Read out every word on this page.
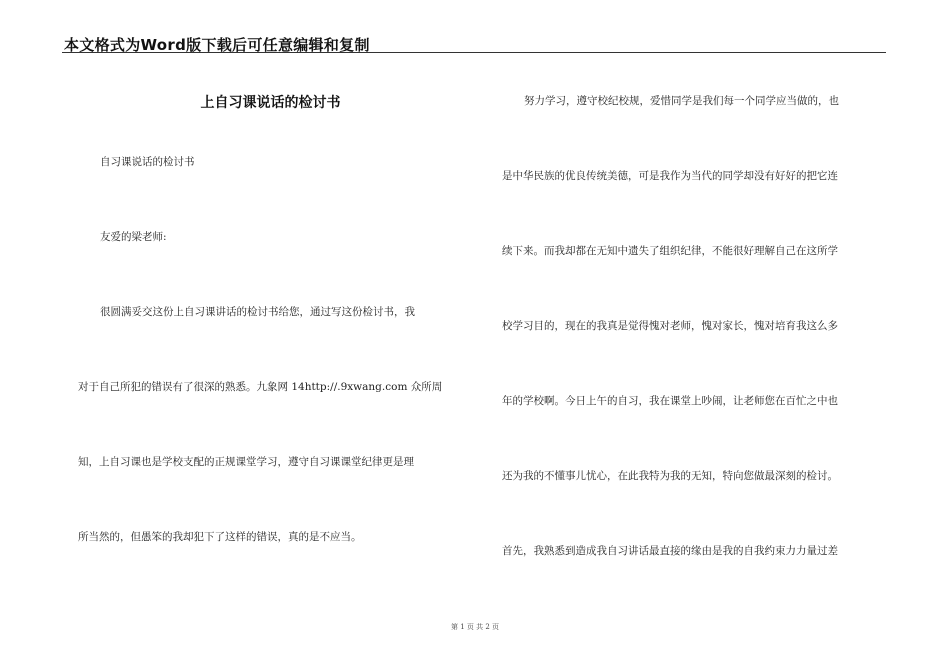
本文格式为Word版下载后可任意编辑和复制
上自习课说话的检讨书
自习课说话的检讨书
友爱的梁老师:
很圆满妥交这份上自习课讲话的检讨书给您，通过写这份检讨书，我
对于自己所犯的错误有了很深的熟悉。九象网 14http://.9xwang.com 众所周
知，上自习课也是学校支配的正规课堂学习，遵守自习课课堂纪律更是理
所当然的，但愚笨的我却犯下了这样的错误，真的是不应当。
努力学习，遵守校纪校规，爱惜同学是我们每一个同学应当做的，也
是中华民族的优良传统美德，可是我作为当代的同学却没有好好的把它连
续下来。而我却都在无知中遗失了组织纪律，不能很好理解自己在这所学
校学习目的，现在的我真是觉得愧对老师，愧对家长，愧对培育我这么多
年的学校啊。今日上午的自习，我在课堂上吵闹，让老师您在百忙之中也
还为我的不懂事儿忧心，在此我特为我的无知，特向您做最深刻的检讨。
首先，我熟悉到造成我自习讲话最直接的缘由是我的自我约束力力量过差
第 1 页 共 2 页
